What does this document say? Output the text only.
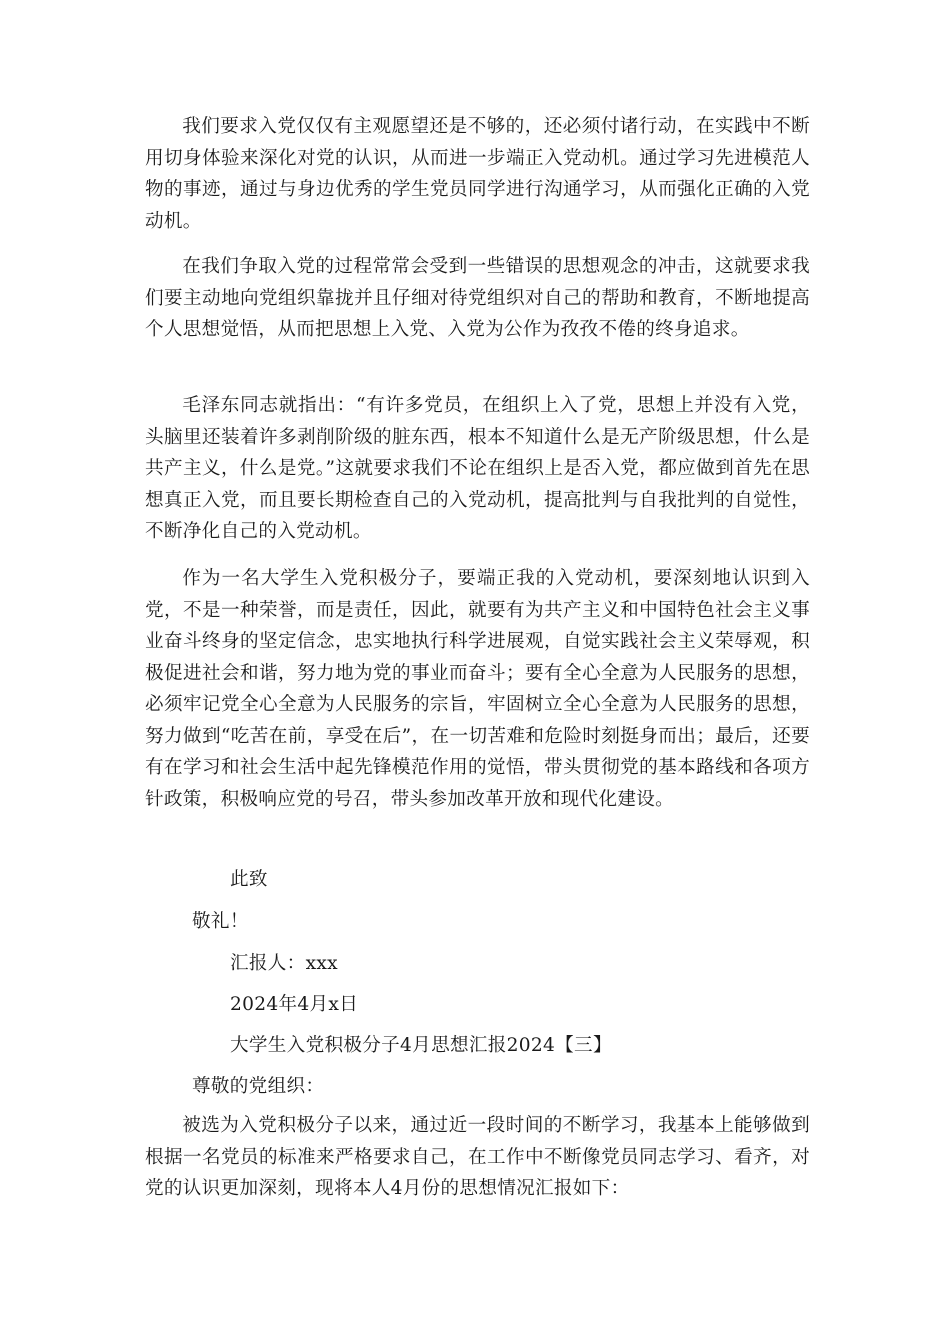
我们要求入党仅仅有主观愿望还是不够的，还必须付诸行动，在实践中不断用切身体验来深化对党的认识，从而进一步端正入党动机。通过学习先进模范人物的事迹，通过与身边优秀的学生党员同学进行沟通学习，从而强化正确的入党动机。

在我们争取入党的过程常常会受到一些错误的思想观念的冲击，这就要求我们要主动地向党组织靠拢并且仔细对待党组织对自己的帮助和教育，不断地提高个人思想觉悟，从而把思想上入党、入党为公作为孜孜不倦的终身追求。

毛泽东同志就指出：“有许多党员，在组织上入了党，思想上并没有入党，头脑里还装着许多剥削阶级的脏东西，根本不知道什么是无产阶级思想，什么是共产主义，什么是党。”这就要求我们不论在组织上是否入党，都应做到首先在思想真正入党，而且要长期检查自己的入党动机，提高批判与自我批判的自觉性，不断净化自己的入党动机。

作为一名大学生入党积极分子，要端正我的入党动机，要深刻地认识到入党，不是一种荣誉，而是责任，因此，就要有为共产主义和中国特色社会主义事业奋斗终身的坚定信念，忠实地执行科学进展观，自觉实践社会主义荣辱观，积极促进社会和谐，努力地为党的事业而奋斗；要有全心全意为人民服务的思想，必须牢记党全心全意为人民服务的宗旨，牢固树立全心全意为人民服务的思想，努力做到“吃苦在前，享受在后”，在一切苦难和危险时刻挺身而出；最后，还要有在学习和社会生活中起先锋模范作用的觉悟，带头贯彻党的基本路线和各项方针政策，积极响应党的号召，带头参加改革开放和现代化建设。

此致

敬礼！

汇报人：xxx

2024年4月x日

大学生入党积极分子4月思想汇报2024【三】

尊敬的党组织：

被选为入党积极分子以来，通过近一段时间的不断学习，我基本上能够做到根据一名党员的标准来严格要求自己，在工作中不断像党员同志学习、看齐，对党的认识更加深刻，现将本人4月份的思想情况汇报如下：
